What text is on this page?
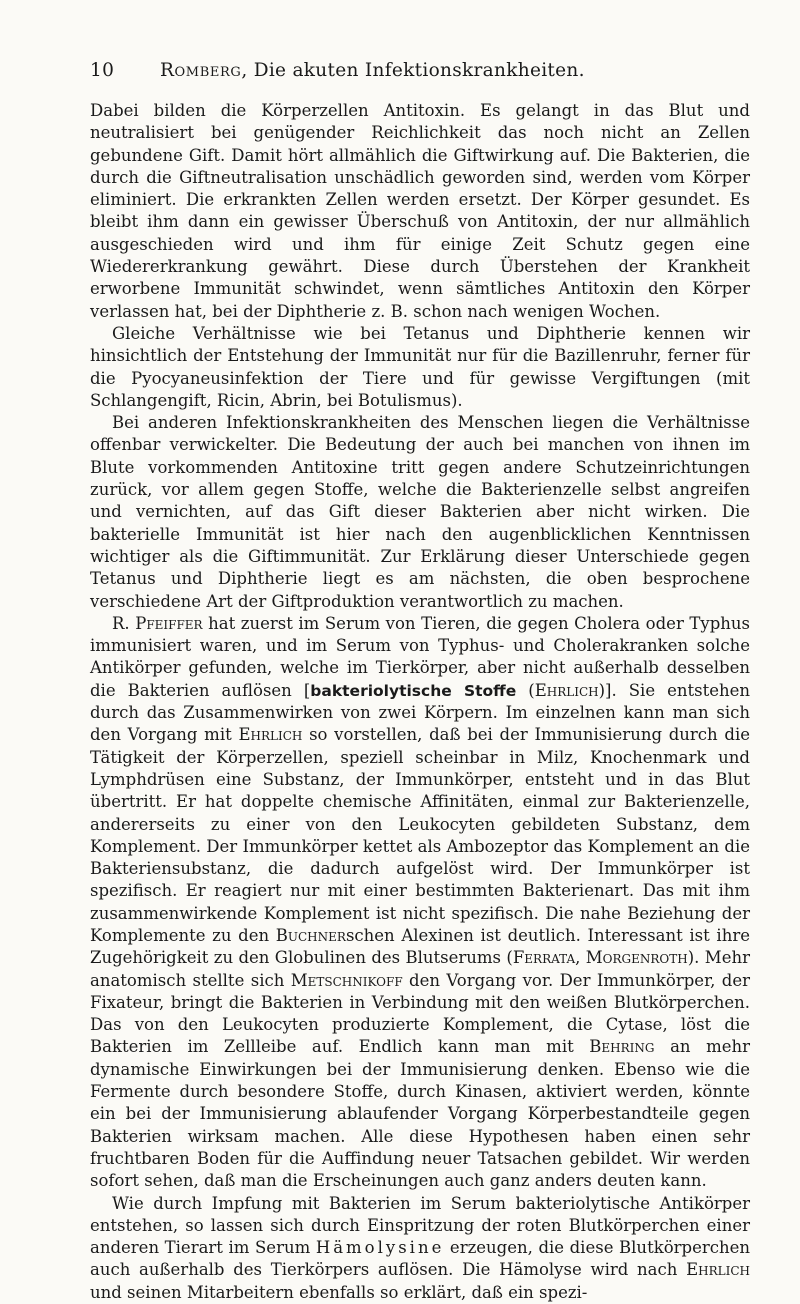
10 Romberg, Die akuten Infektionskrankheiten.

Dabei bilden die Körperzellen Antitoxin. Es gelangt in das Blut und neutralisiert bei genügender Reichlichkeit das noch nicht an Zellen gebundene Gift. Damit hört allmählich die Giftwirkung auf. Die Bakterien, die durch die Giftneutralisation unschädlich geworden sind, werden vom Körper eliminiert. Die erkrankten Zellen werden ersetzt. Der Körper gesundet. Es bleibt ihm dann ein gewisser Überschuß von Antitoxin, der nur allmählich ausgeschieden wird und ihm für einige Zeit Schutz gegen eine Wiedererkrankung gewährt. Diese durch Überstehen der Krankheit erworbene Immunität schwindet, wenn sämtliches Antitoxin den Körper verlassen hat, bei der Diphtherie z. B. schon nach wenigen Wochen.

Gleiche Verhältnisse wie bei Tetanus und Diphtherie kennen wir hinsichtlich der Entstehung der Immunität nur für die Bazillenruhr, ferner für die Pyocyaneusinfektion der Tiere und für gewisse Vergiftungen (mit Schlangengift, Ricin, Abrin, bei Botulismus).

Bei anderen Infektionskrankheiten des Menschen liegen die Verhältnisse offenbar verwickelter. Die Bedeutung der auch bei manchen von ihnen im Blute vorkommenden Antitoxine tritt gegen andere Schutzeinrichtungen zurück, vor allem gegen Stoffe, welche die Bakterienzelle selbst angreifen und vernichten, auf das Gift dieser Bakterien aber nicht wirken. Die bakterielle Immunität ist hier nach den augenblicklichen Kenntnissen wichtiger als die Giftimmunität. Zur Erklärung dieser Unterschiede gegen Tetanus und Diphtherie liegt es am nächsten, die oben besprochene verschiedene Art der Giftproduktion verantwortlich zu machen.

R. Pfeiffer hat zuerst im Serum von Tieren, die gegen Cholera oder Typhus immunisiert waren, und im Serum von Typhus- und Cholerakranken solche Antikörper gefunden, welche im Tierkörper, aber nicht außerhalb desselben die Bakterien auflösen [bakteriolytische Stoffe (Ehrlich)]. Sie entstehen durch das Zusammenwirken von zwei Körpern. Im einzelnen kann man sich den Vorgang mit Ehrlich so vorstellen, daß bei der Immunisierung durch die Tätigkeit der Körperzellen, speziell scheinbar in Milz, Knochenmark und Lymphdrüsen eine Substanz, der Immunkörper, entsteht und in das Blut übertritt. Er hat doppelte chemische Affinitäten, einmal zur Bakterienzelle, andererseits zu einer von den Leukocyten gebildeten Substanz, dem Komplement. Der Immunkörper kettet als Ambozeptor das Komplement an die Bakteriensubstanz, die dadurch aufgelöst wird. Der Immunkörper ist spezifisch. Er reagiert nur mit einer bestimmten Bakterienart. Das mit ihm zusammenwirkende Komplement ist nicht spezifisch. Die nahe Beziehung der Komplemente zu den Buchnerschen Alexinen ist deutlich. Interessant ist ihre Zugehörigkeit zu den Globulinen des Blutserums (Ferrata, Morgenroth). Mehr anatomisch stellte sich Metschnikoff den Vorgang vor. Der Immunkörper, der Fixateur, bringt die Bakterien in Verbindung mit den weißen Blutkörperchen. Das von den Leukocyten produzierte Komplement, die Cytase, löst die Bakterien im Zellleibe auf. Endlich kann man mit Behring an mehr dynamische Einwirkungen bei der Immunisierung denken. Ebenso wie die Fermente durch besondere Stoffe, durch Kinasen, aktiviert werden, könnte ein bei der Immunisierung ablaufender Vorgang Körperbestandteile gegen Bakterien wirksam machen. Alle diese Hypothesen haben einen sehr fruchtbaren Boden für die Auffindung neuer Tatsachen gebildet. Wir werden sofort sehen, daß man die Erscheinungen auch ganz anders deuten kann.

Wie durch Impfung mit Bakterien im Serum bakteriolytische Antikörper entstehen, so lassen sich durch Einspritzung der roten Blutkörperchen einer anderen Tierart im Serum Hämolysine erzeugen, die diese Blutkörperchen auch außerhalb des Tierkörpers auflösen. Die Hämolyse wird nach Ehrlich und seinen Mitarbeitern ebenfalls so erklärt, daß ein spezi-
